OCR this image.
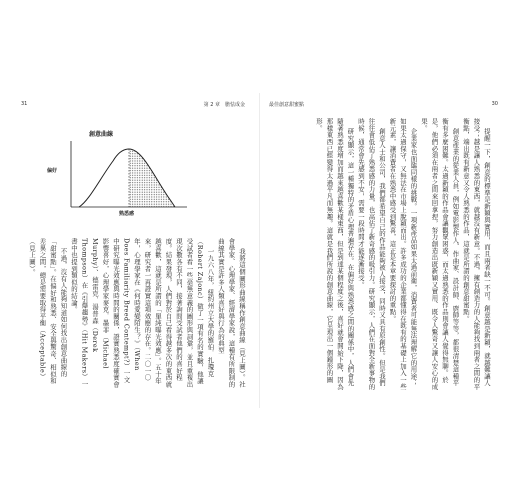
31	第 2 章　膽怯成金
創意曲線
偏好
熟悉感

我將這個圖形曲線稱作創意曲線（見上圖）。社會學家、心理學家、經濟學家說，這種有所限制的曲線其實是許多人類喜好與行為的典型

一九六八年，紐約州立大學的羅伯．扎瓊克（Robert Zajonc）做了一項有名的實驗，他讓受試者看一些毫無意義的圖形與詞彙，並且重複出現次數各有不同，接著詢問受試者他們的喜好程度。結果發現，人們對於自己看得越多次的東西就越喜歡，這就是所謂的「單純曝光效應」。五十年來，研究者一再證實這項效應的存在。二〇一〇年，心理學家在《何時愛變陌生？》（When Does Familiarity Breed Contempt?）一文中研究曝光效應與時間的關係，證實熟悉度確實會影響喜好，心理學家麥克．墨菲（Michael Murphy）、德雷克．湯普森（Derek Thompson）在《引爆趨勢》（Hit Makers）一書中也提到類似的結論。

不過，沒有人能夠知道如何找出創意曲線的「甜蜜點」。在偏好和熟悉、安全與驚奇、相似和差異之間，總是需要取得平衡（Acceptable）（見上圖）。

最佳創意甜蜜點	30

提醒一下，創意的標準是新穎與實用，而且兩者缺一不可。創意越是新穎，就越難讓人接受；越是讓人熟悉的東西，就越沒有新意。不過，擁有創造力的人能夠找到兩者之間的平衡點，端出既有新意又令人熟悉的作品，這就是所謂的創意甜蜜點。

創意產業的從業人員，例如電影製作人、作曲家、設計師、廚師等等，都很清楚這種平衡有多麼困難。太過新穎的作品會讓觀眾困惑，而太過熟悉的作品則會讓人覺得無聊。於是，他們必須在兩者之間來回拿捏，努力創造出既新穎又實用、既令人驚奇又讓人安心的成果。

企業家也面臨同樣的挑戰。一項新產品如果太過前衛，消費者可能無法理解它的用途；如果太過保守，又無法在市場上脫穎而出。許多成功的企業都懂得在既有的基礎上加入一些新元素，讓消費者在熟悉中感受到驚喜，這正是本章要探討的重點。

創意人士和公司，我們都希望自己的作品能夠被人接受，同時又具有原創性。但是我們往往會低估了熟悉感的力量，也高估了新奇感的吸引力。研究顯示，人們在面對全新事物的時候，通常會先感到不安，需要一段時間才能逐漸接受。

研究顯示，這一種獨特的矛盾心理普遍存在。在偏好與熟悉感之間的關係中，人們會先隨著熟悉度增加而越來越喜歡某樣東西，但是到達某個程度之後，喜好就會開始下降，因為那樣東西已經變得太過平凡而無趣。這就是我們所說的創意曲線，它呈現出一個鐘形的圖形。
